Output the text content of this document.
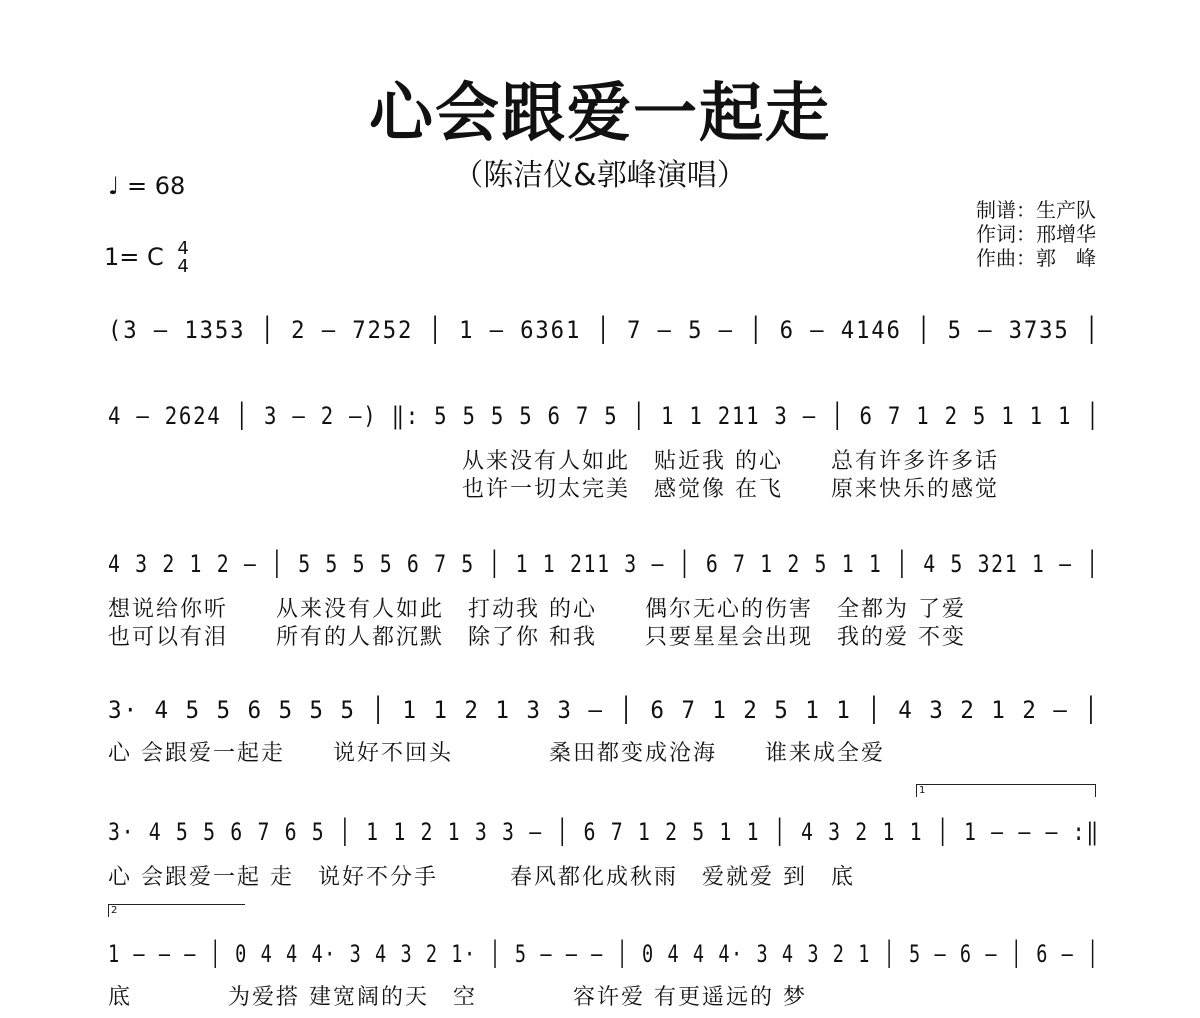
心会跟爱一起走
（陈洁仪&郭峰演唱）
♩ = 68
1= C 4
4
制谱：生产队
作词：邢增华
作曲：郭　峰
(3 – 1353 │ 2 – 7252 │ 1 – 6361 │ 7 – 5 – │ 6 – 4146 │ 5 – 3735 │
4 – 2624 │ 3 – 2 –) ‖: 5 5 5 5 6 7 5 │ 1 1 211 3 – │ 6 7 1 2 5 1 1 1 │
从来没有人如此　贴近我 的心　　总有许多许多话
也许一切太完美　感觉像 在飞　　原来快乐的感觉
4 3 2 1 2 – │ 5 5 5 5 6 7 5 │ 1 1 211 3 – │ 6 7 1 2 5 1 1 │ 4 5 321 1 – │
想说给你听　　从来没有人如此　打动我 的心　　偶尔无心的伤害　全都为 了爱
也可以有泪　　所有的人都沉默　除了你 和我　　只要星星会出现　我的爱 不变
3· 4 5 5 6 5 5 5 │ 1 1 2 1 3 3 – │ 6 7 1 2 5 1 1 │ 4 3 2 1 2 – │
心 会跟爱一起走　　说好不回头　　　　桑田都变成沧海　　谁来成全爱
1
3· 4 5 5 6 7 6 5 │ 1 1 2 1 3 3 – │ 6 7 1 2 5 1 1 │ 4 3 2 1 1 │ 1 – – – :‖
心 会跟爱一起 走　说好不分手　　　春风都化成秋雨　爱就爱 到　底
2
1 – – – │ 0 4 4 4· 3 4 3 2 1· │ 5 – – – │ 0 4 4 4· 3 4 3 2 1 │ 5 – 6 – │ 6 – │
底　　　　为爱搭 建宽阔的天　空　　　　容许爱 有更遥远的 梦
